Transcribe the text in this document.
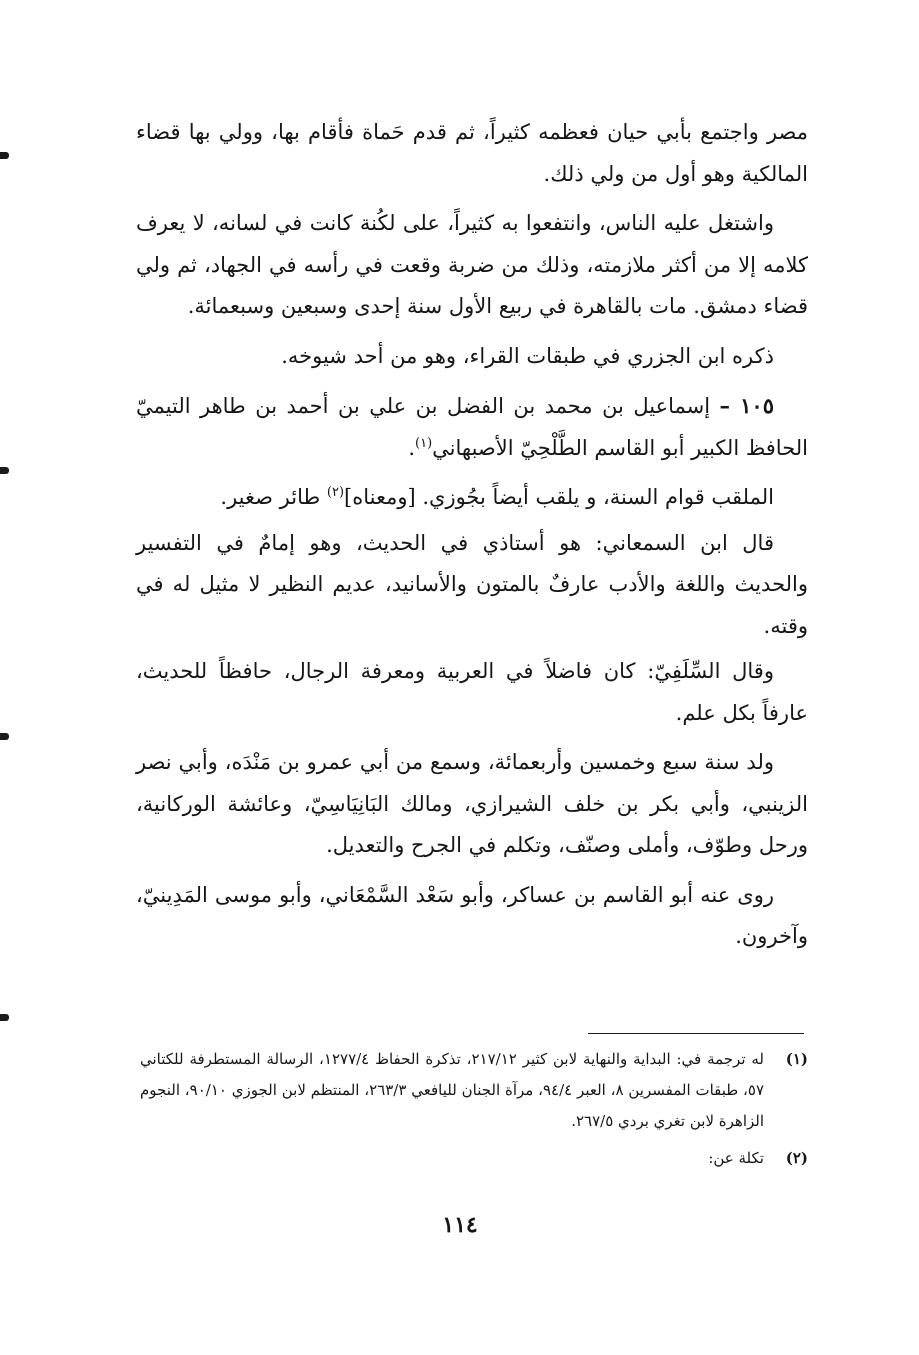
مصر واجتمع بأبي حيان فعظمه كثيراً، ثم قدم حَماة فأقام بها، وولي بها قضاء المالكية وهو أول من ولي ذلك.

واشتغل عليه الناس، وانتفعوا به كثيراً، على لكُنة كانت في لسانه، لا يعرف كلامه إلا من أكثر ملازمته، وذلك من ضربة وقعت في رأسه في الجهاد، ثم ولي قضاء دمشق. مات بالقاهرة في ربيع الأول سنة إحدى وسبعين وسبعمائة.

ذكره ابن الجزري في طبقات القراء، وهو من أحد شيوخه.

١٠٥ – إسماعيل بن محمد بن الفضل بن علي بن أحمد بن طاهر التيميّ الحافظ الكبير أبو القاسم الطَّلْحِيّ الأصبهاني$^{(١)}$.

الملقب قوام السنة، و يلقب أيضاً بجُوزي. [ومعناه]$^{(٢)}$ طائر صغير.

قال ابن السمعاني: هو أستاذي في الحديث، وهو إمامٌ في التفسير والحديث واللغة والأدب عارفٌ بالمتون والأسانيد، عديم النظير لا مثيل له في وقته.

وقال السِّلَفِيّ: كان فاضلاً في العربية ومعرفة الرجال، حافظاً للحديث، عارفاً بكل علم.

ولد سنة سبع وخمسين وأربعمائة، وسمع من أبي عمرو بن مَنْدَه، وأبي نصر الزينبي، وأبي بكر بن خلف الشيرازي، ومالك البَانِيَاسِيّ، وعائشة الوركانية، ورحل وطوّف، وأملى وصنّف، وتكلم في الجرح والتعديل.

روى عنه أبو القاسم بن عساكر، وأبو سَعْد السَّمْعَاني، وأبو موسى المَدِينيّ، وآخرون.

(١)
له ترجمة في: البداية والنهاية لابن كثير ٢١٧/١٢، تذكرة الحفاظ ١٢٧٧/٤، الرسالة المستطرفة للكتاني ٥٧، طبقات المفسرين ٨، العبر ٩٤/٤، مرآة الجنان لليافعي ٢٦٣/٣، المنتظم لابن الجوزي ٩٠/١٠، النجوم الزاهرة لابن تغري بردي ٢٦٧/٥.
(٢)
تكلة عن:
١١٤
